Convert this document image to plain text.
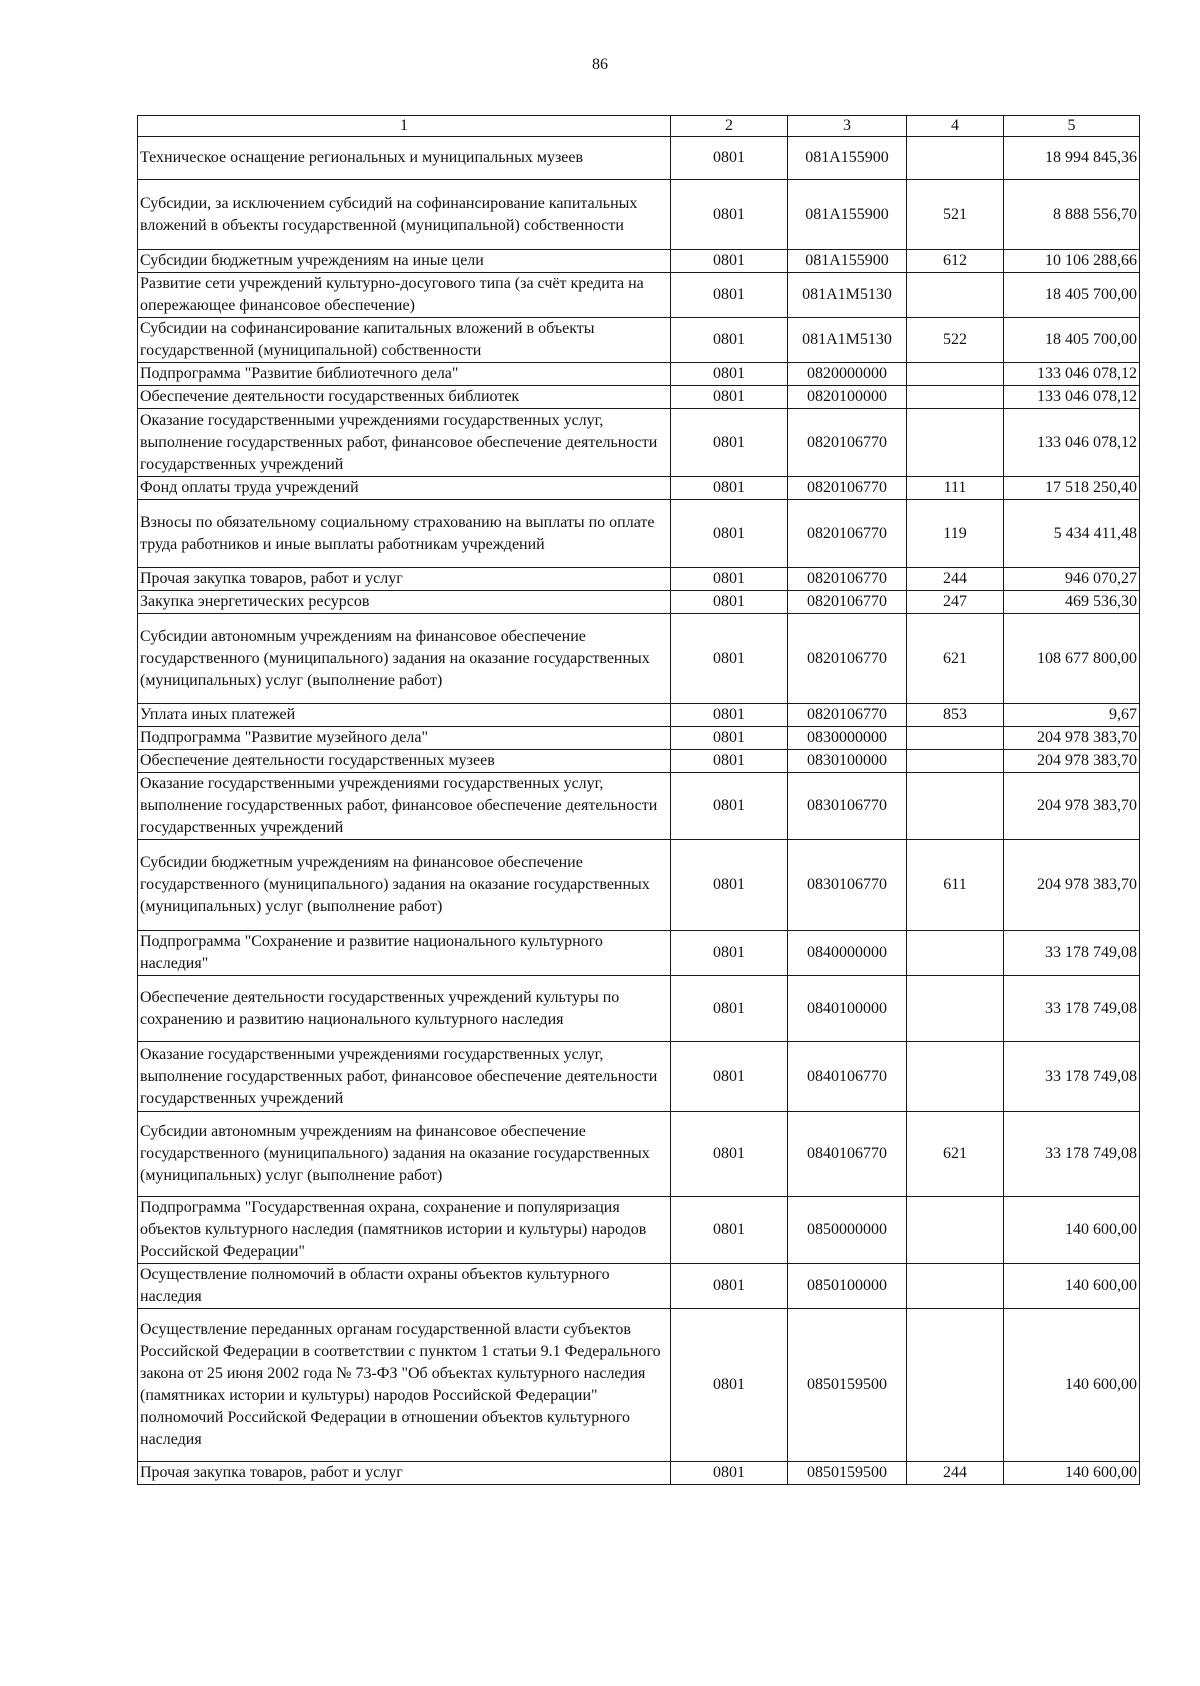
86
1	2	3	4	5
Техническое оснащение региональных и муниципальных музеев	0801	081A155900		18 994 845,36
Субсидии, за исключением субсидий на софинансирование капитальных вложений в объекты государственной (муниципальной) собственности	0801	081A155900	521	8 888 556,70
Субсидии бюджетным учреждениям на иные цели	0801	081A155900	612	10 106 288,66
Развитие сети учреждений культурно-досугового типа (за счёт кредита на опережающее финансовое обеспечение)	0801	081A1M5130		18 405 700,00
Субсидии на софинансирование капитальных вложений в объекты государственной (муниципальной) собственности	0801	081A1M5130	522	18 405 700,00
Подпрограмма "Развитие библиотечного дела"	0801	0820000000		133 046 078,12
Обеспечение деятельности государственных библиотек	0801	0820100000		133 046 078,12
Оказание государственными учреждениями государственных услуг, выполнение государственных работ, финансовое обеспечение деятельности государственных учреждений	0801	0820106770		133 046 078,12
Фонд оплаты труда учреждений	0801	0820106770	111	17 518 250,40
Взносы по обязательному социальному страхованию на выплаты по оплате труда работников и иные выплаты работникам учреждений	0801	0820106770	119	5 434 411,48
Прочая закупка товаров, работ и услуг	0801	0820106770	244	946 070,27
Закупка энергетических ресурсов	0801	0820106770	247	469 536,30
Субсидии автономным учреждениям на финансовое обеспечение государственного (муниципального) задания на оказание государственных (муниципальных) услуг (выполнение работ)	0801	0820106770	621	108 677 800,00
Уплата иных платежей	0801	0820106770	853	9,67
Подпрограмма "Развитие музейного дела"	0801	0830000000		204 978 383,70
Обеспечение деятельности государственных музеев	0801	0830100000		204 978 383,70
Оказание государственными учреждениями государственных услуг, выполнение государственных работ, финансовое обеспечение деятельности государственных учреждений	0801	0830106770		204 978 383,70
Субсидии бюджетным учреждениям на финансовое обеспечение государственного (муниципального) задания на оказание государственных (муниципальных) услуг (выполнение работ)	0801	0830106770	611	204 978 383,70
Подпрограмма "Сохранение и развитие национального культурного наследия"	0801	0840000000		33 178 749,08
Обеспечение деятельности государственных учреждений культуры по сохранению и развитию национального культурного наследия	0801	0840100000		33 178 749,08
Оказание государственными учреждениями государственных услуг, выполнение государственных работ, финансовое обеспечение деятельности государственных учреждений	0801	0840106770		33 178 749,08
Субсидии автономным учреждениям на финансовое обеспечение государственного (муниципального) задания на оказание государственных (муниципальных) услуг (выполнение работ)	0801	0840106770	621	33 178 749,08
Подпрограмма "Государственная охрана, сохранение и популяризация объектов культурного наследия (памятников истории и культуры) народов Российской Федерации"	0801	0850000000		140 600,00
Осуществление полномочий в области охраны объектов культурного наследия	0801	0850100000		140 600,00
Осуществление переданных органам государственной власти субъектов Российской Федерации в соответствии с пунктом 1 статьи 9.1 Федерального закона от 25 июня 2002 года № 73-ФЗ "Об объектах культурного наследия (памятниках истории и культуры) народов Российской Федерации" полномочий Российской Федерации в отношении объектов культурного наследия	0801	0850159500		140 600,00
Прочая закупка товаров, работ и услуг	0801	0850159500	244	140 600,00
